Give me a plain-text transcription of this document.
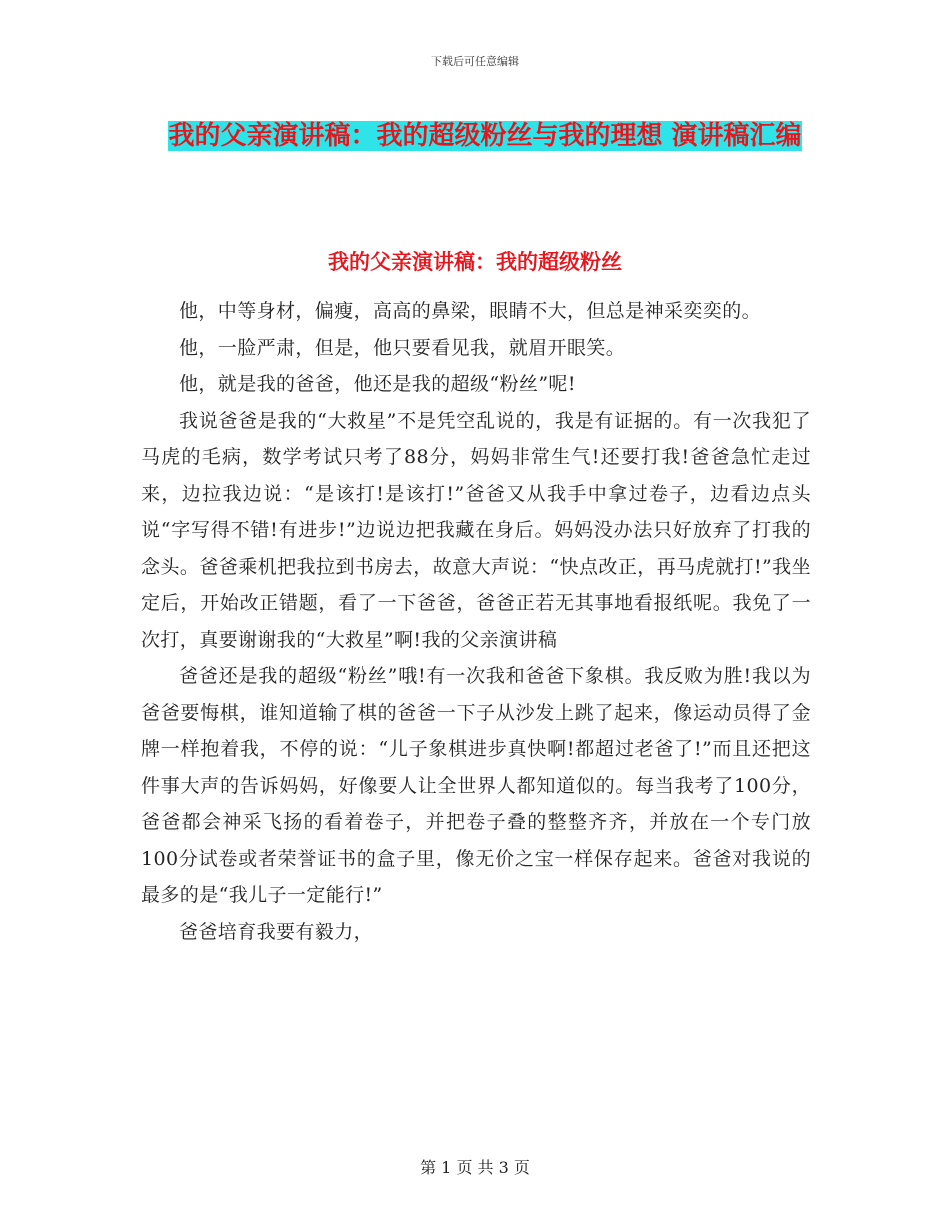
下载后可任意编辑
我的父亲演讲稿：我的超级粉丝与我的理想 演讲稿汇编
我的父亲演讲稿：我的超级粉丝

他，中等身材，偏瘦，高高的鼻梁，眼睛不大，但总是神采奕奕的。

他，一脸严肃，但是，他只要看见我，就眉开眼笑。

他，就是我的爸爸，他还是我的超级“粉丝”呢!

我说爸爸是我的“大救星”不是凭空乱说的，我是有证据的。有一次我犯了马虎的毛病，数学考试只考了88分，妈妈非常生气!还要打我!爸爸急忙走过来，边拉我边说：“是该打!是该打!”爸爸又从我手中拿过卷子，边看边点头说“字写得不错!有进步!”边说边把我藏在身后。妈妈没办法只好放弃了打我的念头。爸爸乘机把我拉到书房去，故意大声说：“快点改正，再马虎就打!”我坐定后，开始改正错题，看了一下爸爸，爸爸正若无其事地看报纸呢。我免了一次打，真要谢谢我的“大救星”啊!我的父亲演讲稿

爸爸还是我的超级“粉丝”哦!有一次我和爸爸下象棋。我反败为胜!我以为爸爸要悔棋，谁知道输了棋的爸爸一下子从沙发上跳了起来，像运动员得了金牌一样抱着我，不停的说：“儿子象棋进步真快啊!都超过老爸了!”而且还把这件事大声的告诉妈妈，好像要人让全世界人都知道似的。每当我考了100分，爸爸都会神采飞扬的看着卷子，并把卷子叠的整整齐齐，并放在一个专门放100分试卷或者荣誉证书的盒子里，像无价之宝一样保存起来。爸爸对我说的最多的是“我儿子一定能行!”

爸爸培育我要有毅力，

第 1 页 共 3 页
